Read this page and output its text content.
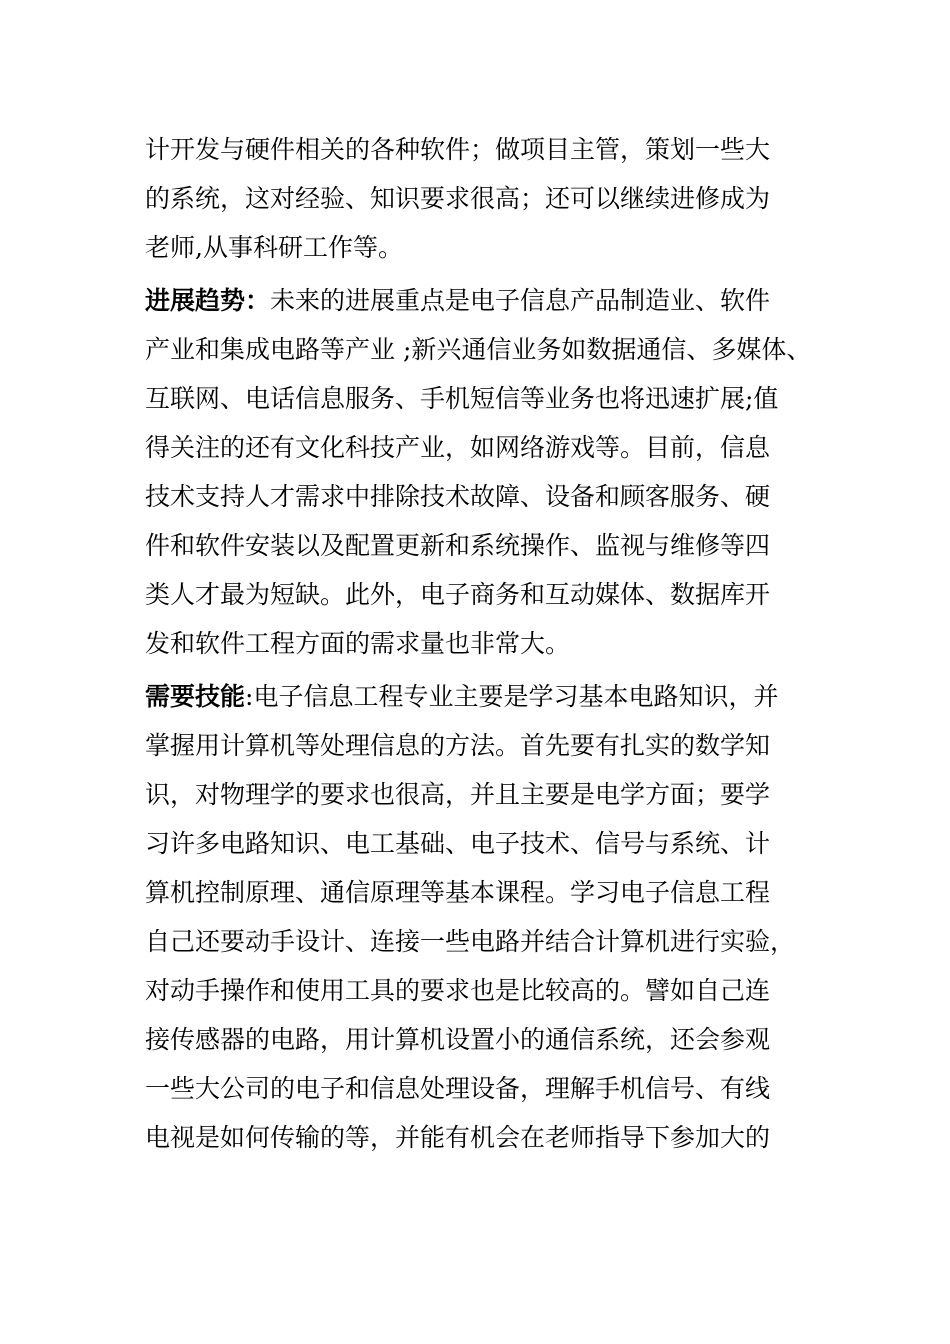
计开发与硬件相关的各种软件；做项目主管，策划一些大
的系统，这对经验、知识要求很高；还可以继续进修成为
老师,从事科研工作等。
进展趋势：未来的进展重点是电子信息产品制造业、软件
产业和集成电路等产业 ;新兴通信业务如数据通信、多媒体、
互联网、电话信息服务、手机短信等业务也将迅速扩展;值
得关注的还有文化科技产业，如网络游戏等。目前，信息
技术支持人才需求中排除技术故障、设备和顾客服务、硬
件和软件安装以及配置更新和系统操作、监视与维修等四
类人才最为短缺。此外，电子商务和互动媒体、数据库开
发和软件工程方面的需求量也非常大。
需要技能:电子信息工程专业主要是学习基本电路知识，并
掌握用计算机等处理信息的方法。首先要有扎实的数学知
识，对物理学的要求也很高，并且主要是电学方面；要学
习许多电路知识、电工基础、电子技术、信号与系统、计
算机控制原理、通信原理等基本课程。学习电子信息工程
自己还要动手设计、连接一些电路并结合计算机进行实验，
对动手操作和使用工具的要求也是比较高的。譬如自己连
接传感器的电路，用计算机设置小的通信系统，还会参观
一些大公司的电子和信息处理设备，理解手机信号、有线
电视是如何传输的等，并能有机会在老师指导下参加大的
